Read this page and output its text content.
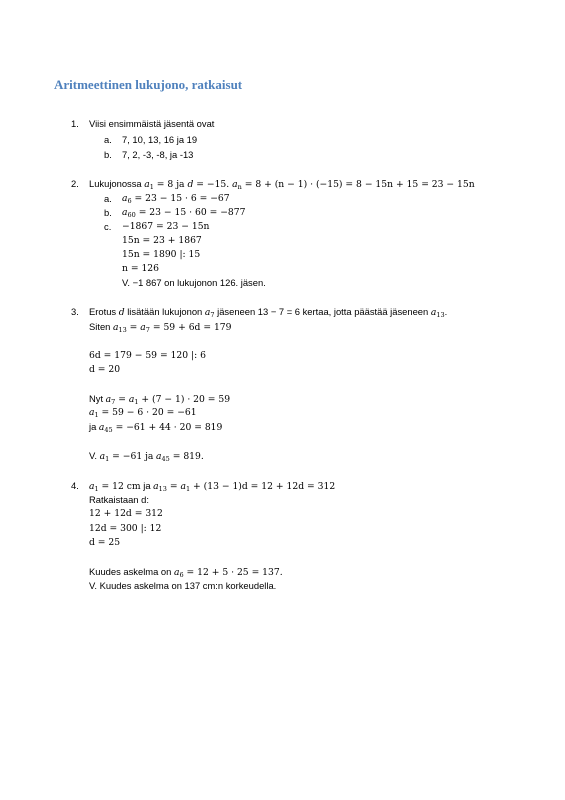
Aritmeettinen lukujono, ratkaisut
1. Viisi ensimmäistä jäsentä ovat
a. 7, 10, 13, 16 ja 19
b. 7, 2, -3, -8, ja -13
2. Lukujonossa $a_1 = 8$ ja d = −15. $a_n = 8 + (n - 1) \cdot (-15) = 8 - 15n + 15 = 23 - 15n$
a. $a_6 = 23 - 15 \cdot 6 = -67$
b. $a_{60} = 23 - 15 \cdot 60 = -877$
c. −1867 = 23 − 15n
15n = 23 + 1867
15n = 1890 |: 15
n = 126
V. −1 867 on lukujonon 126. jäsen.
3. Erotus d lisätään lukujonon $a_7$ jäseneen 13 − 7 = 6 kertaa, jotta päästää jäseneen $a_{13}$.
Siten $a_{13} = a_7 = 59 + 6d = 179$
6d = 179 − 59 = 120 |: 6
d = 20
Nyt $a_7 = a_1 + (7 - 1) \cdot 20 = 59$
$a_1 = 59 - 6 \cdot 20 = -61$
ja $a_{45} = -61 + 44 \cdot 20 = 819$
V. $a_1 = -61$ ja $a_{45} = 819$.
4. $a_1 = 12$ cm ja $a_{13} = a_1 + (13 - 1)d = 12 + 12d = 312$
Ratkaistaan d:
12 + 12d = 312
12d = 300 |: 12
d = 25
Kuudes askelma on $a_6 = 12 + 5 \cdot 25 = 137$.
V. Kuudes askelma on 137 cm:n korkeudella.
